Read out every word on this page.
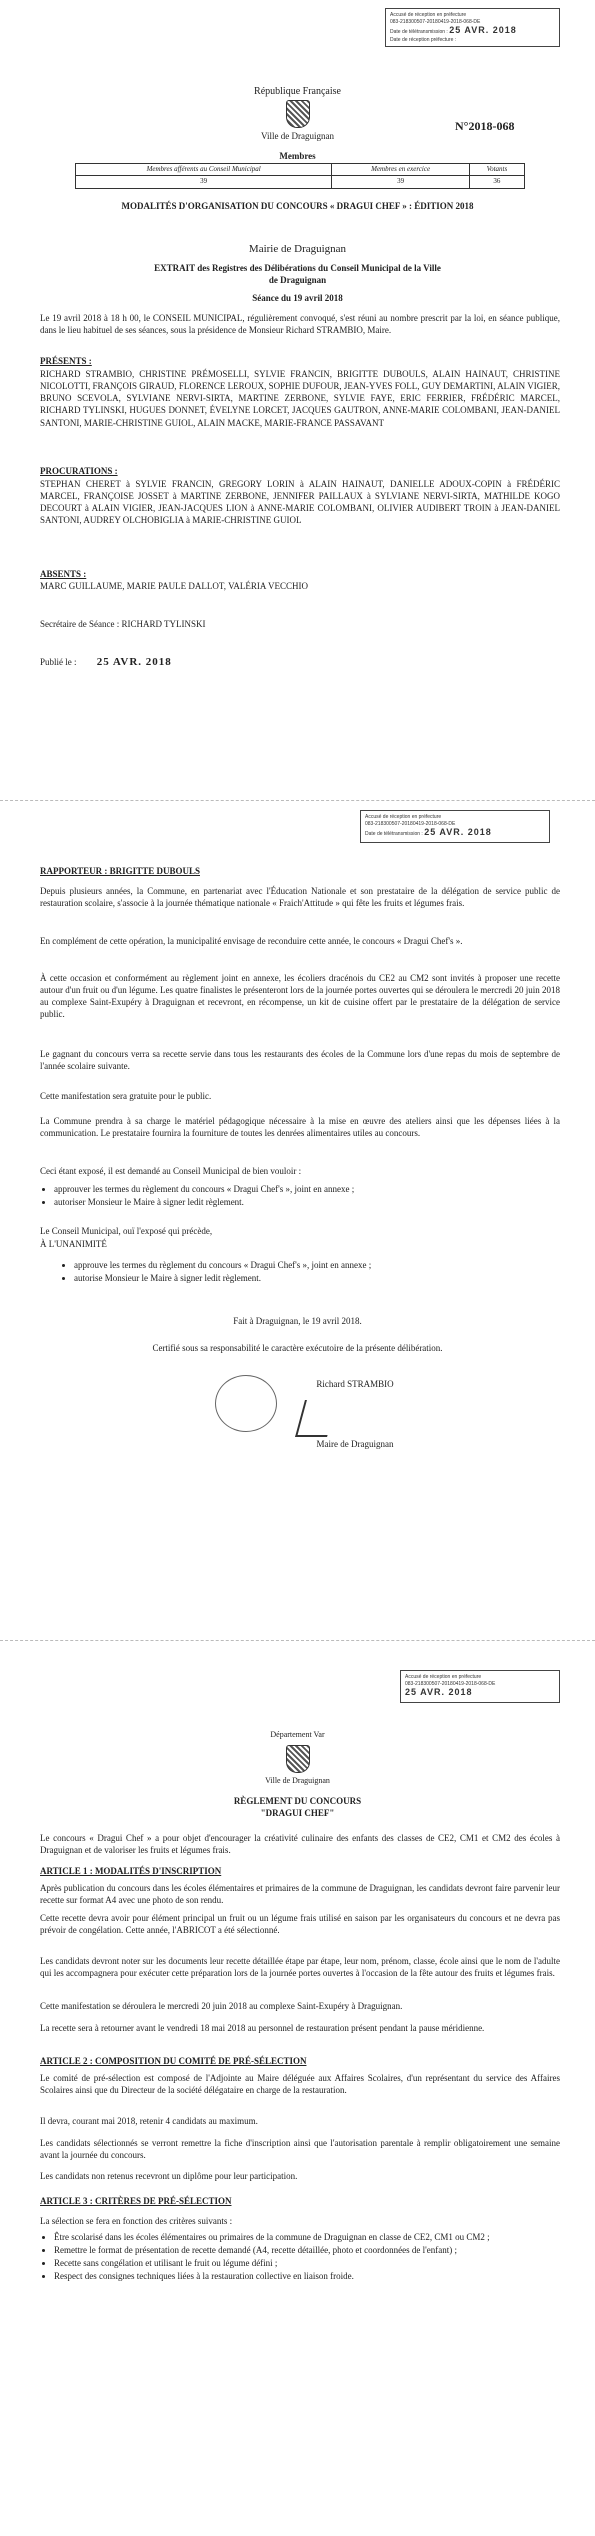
Accusé de réception en préfecture
083-218300507-20180419-2018-068-DE
Date de télétransmission : 25 AVR. 2018
Date de réception préfecture :
République Française
Ville de Draguignan
N°2018-068
Membres
Membres afférents au Conseil Municipal	Membres en exercice	Votants
39	39	36
MODALITÉS D'ORGANISATION DU CONCOURS « DRAGUI CHEF » : ÉDITION 2018
Mairie de Draguignan
EXTRAIT des Registres des Délibérations du Conseil Municipal de la Ville de Draguignan
Séance du 19 avril 2018
Le 19 avril 2018 à 18 h 00, le CONSEIL MUNICIPAL, régulièrement convoqué, s'est réuni au nombre prescrit par la loi, en séance publique, dans le lieu habituel de ses séances, sous la présidence de Monsieur Richard STRAMBIO, Maire.
PRÉSENTS :
RICHARD STRAMBIO, CHRISTINE PRÉMOSELLI, SYLVIE FRANCIN, BRIGITTE DUBOULS, ALAIN HAINAUT, CHRISTINE NICOLOTTI, FRANÇOIS GIRAUD, FLORENCE LEROUX, SOPHIE DUFOUR, JEAN-YVES FOLL, GUY DEMARTINI, ALAIN VIGIER, BRUNO SCEVOLA, SYLVIANE NERVI-SIRTA, MARTINE ZERBONE, SYLVIE FAYE, ERIC FERRIER, FRÉDÉRIC MARCEL, RICHARD TYLINSKI, HUGUES DONNET, ÉVELYNE LORCET, JACQUES GAUTRON, ANNE-MARIE COLOMBANI, JEAN-DANIEL SANTONI, MARIE-CHRISTINE GUIOL, ALAIN MACKE, MARIE-FRANCE PASSAVANT
PROCURATIONS :
STEPHAN CHERET à SYLVIE FRANCIN, GREGORY LORIN à ALAIN HAINAUT, DANIELLE ADOUX-COPIN à FRÉDÉRIC MARCEL, FRANÇOISE JOSSET à MARTINE ZERBONE, JENNIFER PAILLAUX à SYLVIANE NERVI-SIRTA, MATHILDE KOGO DECOURT à ALAIN VIGIER, JEAN-JACQUES LION à ANNE-MARIE COLOMBANI, OLIVIER AUDIBERT TROIN à JEAN-DANIEL SANTONI, AUDREY OLCHOBIGLIA à MARIE-CHRISTINE GUIOL
ABSENTS :
MARC GUILLAUME, MARIE PAULE DALLOT, VALÉRIA VECCHIO
Secrétaire de Séance : RICHARD TYLINSKI
Publié le : 25 AVR. 2018
Accusé de réception en préfecture
083-218300507-20180419-2018-068-DE
Date de télétransmission : 25 AVR. 2018
RAPPORTEUR : BRIGITTE DUBOULS
Depuis plusieurs années, la Commune, en partenariat avec l'Éducation Nationale et son prestataire de la délégation de service public de restauration scolaire, s'associe à la journée thématique nationale « Fraich'Attitude » qui fête les fruits et légumes frais.
En complément de cette opération, la municipalité envisage de reconduire cette année, le concours « Dragui Chef's ».
À cette occasion et conformément au règlement joint en annexe, les écoliers dracénois du CE2 au CM2 sont invités à proposer une recette autour d'un fruit ou d'un légume. Les quatre finalistes le présenteront lors de la journée portes ouvertes qui se déroulera le mercredi 20 juin 2018 au complexe Saint-Exupéry à Draguignan et recevront, en récompense, un kit de cuisine offert par le prestataire de la délégation de service public.
Le gagnant du concours verra sa recette servie dans tous les restaurants des écoles de la Commune lors d'une repas du mois de septembre de l'année scolaire suivante.
Cette manifestation sera gratuite pour le public.
La Commune prendra à sa charge le matériel pédagogique nécessaire à la mise en œuvre des ateliers ainsi que les dépenses liées à la communication. Le prestataire fournira la fourniture de toutes les denrées alimentaires utiles au concours.
Ceci étant exposé, il est demandé au Conseil Municipal de bien vouloir :
• approuver les termes du règlement du concours « Dragui Chef's », joint en annexe ;
• autoriser Monsieur le Maire à signer ledit règlement.
Le Conseil Municipal, ouï l'exposé qui précède,
À L'UNANIMITÉ
• approuve les termes du règlement du concours « Dragui Chef's », joint en annexe ;
• autorise Monsieur le Maire à signer ledit règlement.
Fait à Draguignan, le 19 avril 2018.
Certifié sous sa responsabilité le caractère exécutoire de la présente délibération.
Richard STRAMBIO
Maire de Draguignan
Accusé de réception en préfecture
083-218300507-20180419-2018-068-DE
25 AVR. 2018
Département Var
Ville de Draguignan
RÈGLEMENT DU CONCOURS
"DRAGUI CHEF"
Le concours « Dragui Chef » a pour objet d'encourager la créativité culinaire des enfants des classes de CE2, CM1 et CM2 des écoles à Draguignan et de valoriser les fruits et légumes frais.
ARTICLE 1 : MODALITÉS D'INSCRIPTION
Après publication du concours dans les écoles élémentaires et primaires de la commune de Draguignan, les candidats devront faire parvenir leur recette sur format A4 avec une photo de son rendu.
Cette recette devra avoir pour élément principal un fruit ou un légume frais utilisé en saison par les organisateurs du concours et ne devra pas prévoir de congélation. Cette année, l'ABRICOT a été sélectionné.
Les candidats devront noter sur les documents leur recette détaillée étape par étape, leur nom, prénom, classe, école ainsi que le nom de l'adulte qui les accompagnera pour exécuter cette préparation lors de la journée portes ouvertes à l'occasion de la fête autour des fruits et légumes frais.
Cette manifestation se déroulera le mercredi 20 juin 2018 au complexe Saint-Exupéry à Draguignan.
La recette sera à retourner avant le vendredi 18 mai 2018 au personnel de restauration présent pendant la pause méridienne.
ARTICLE 2 : COMPOSITION DU COMITÉ DE PRÉ-SÉLECTION
Le comité de pré-sélection est composé de l'Adjointe au Maire déléguée aux Affaires Scolaires, d'un représentant du service des Affaires Scolaires ainsi que du Directeur de la société délégataire en charge de la restauration.
Il devra, courant mai 2018, retenir 4 candidats au maximum.
Les candidats sélectionnés se verront remettre la fiche d'inscription ainsi que l'autorisation parentale à remplir obligatoirement une semaine avant la journée du concours.
Les candidats non retenus recevront un diplôme pour leur participation.
ARTICLE 3 : CRITÈRES DE PRÉ-SÉLECTION
La sélection se fera en fonction des critères suivants :
• Être scolarisé dans les écoles élémentaires ou primaires de la commune de Draguignan en classe de CE2, CM1 ou CM2 ;
• Remettre le format de présentation de recette demandé (A4, recette détaillée, photo et coordonnées de l'enfant) ;
• Recette sans congélation et utilisant le fruit ou légume défini ;
• Respect des consignes techniques liées à la restauration collective en liaison froide.
